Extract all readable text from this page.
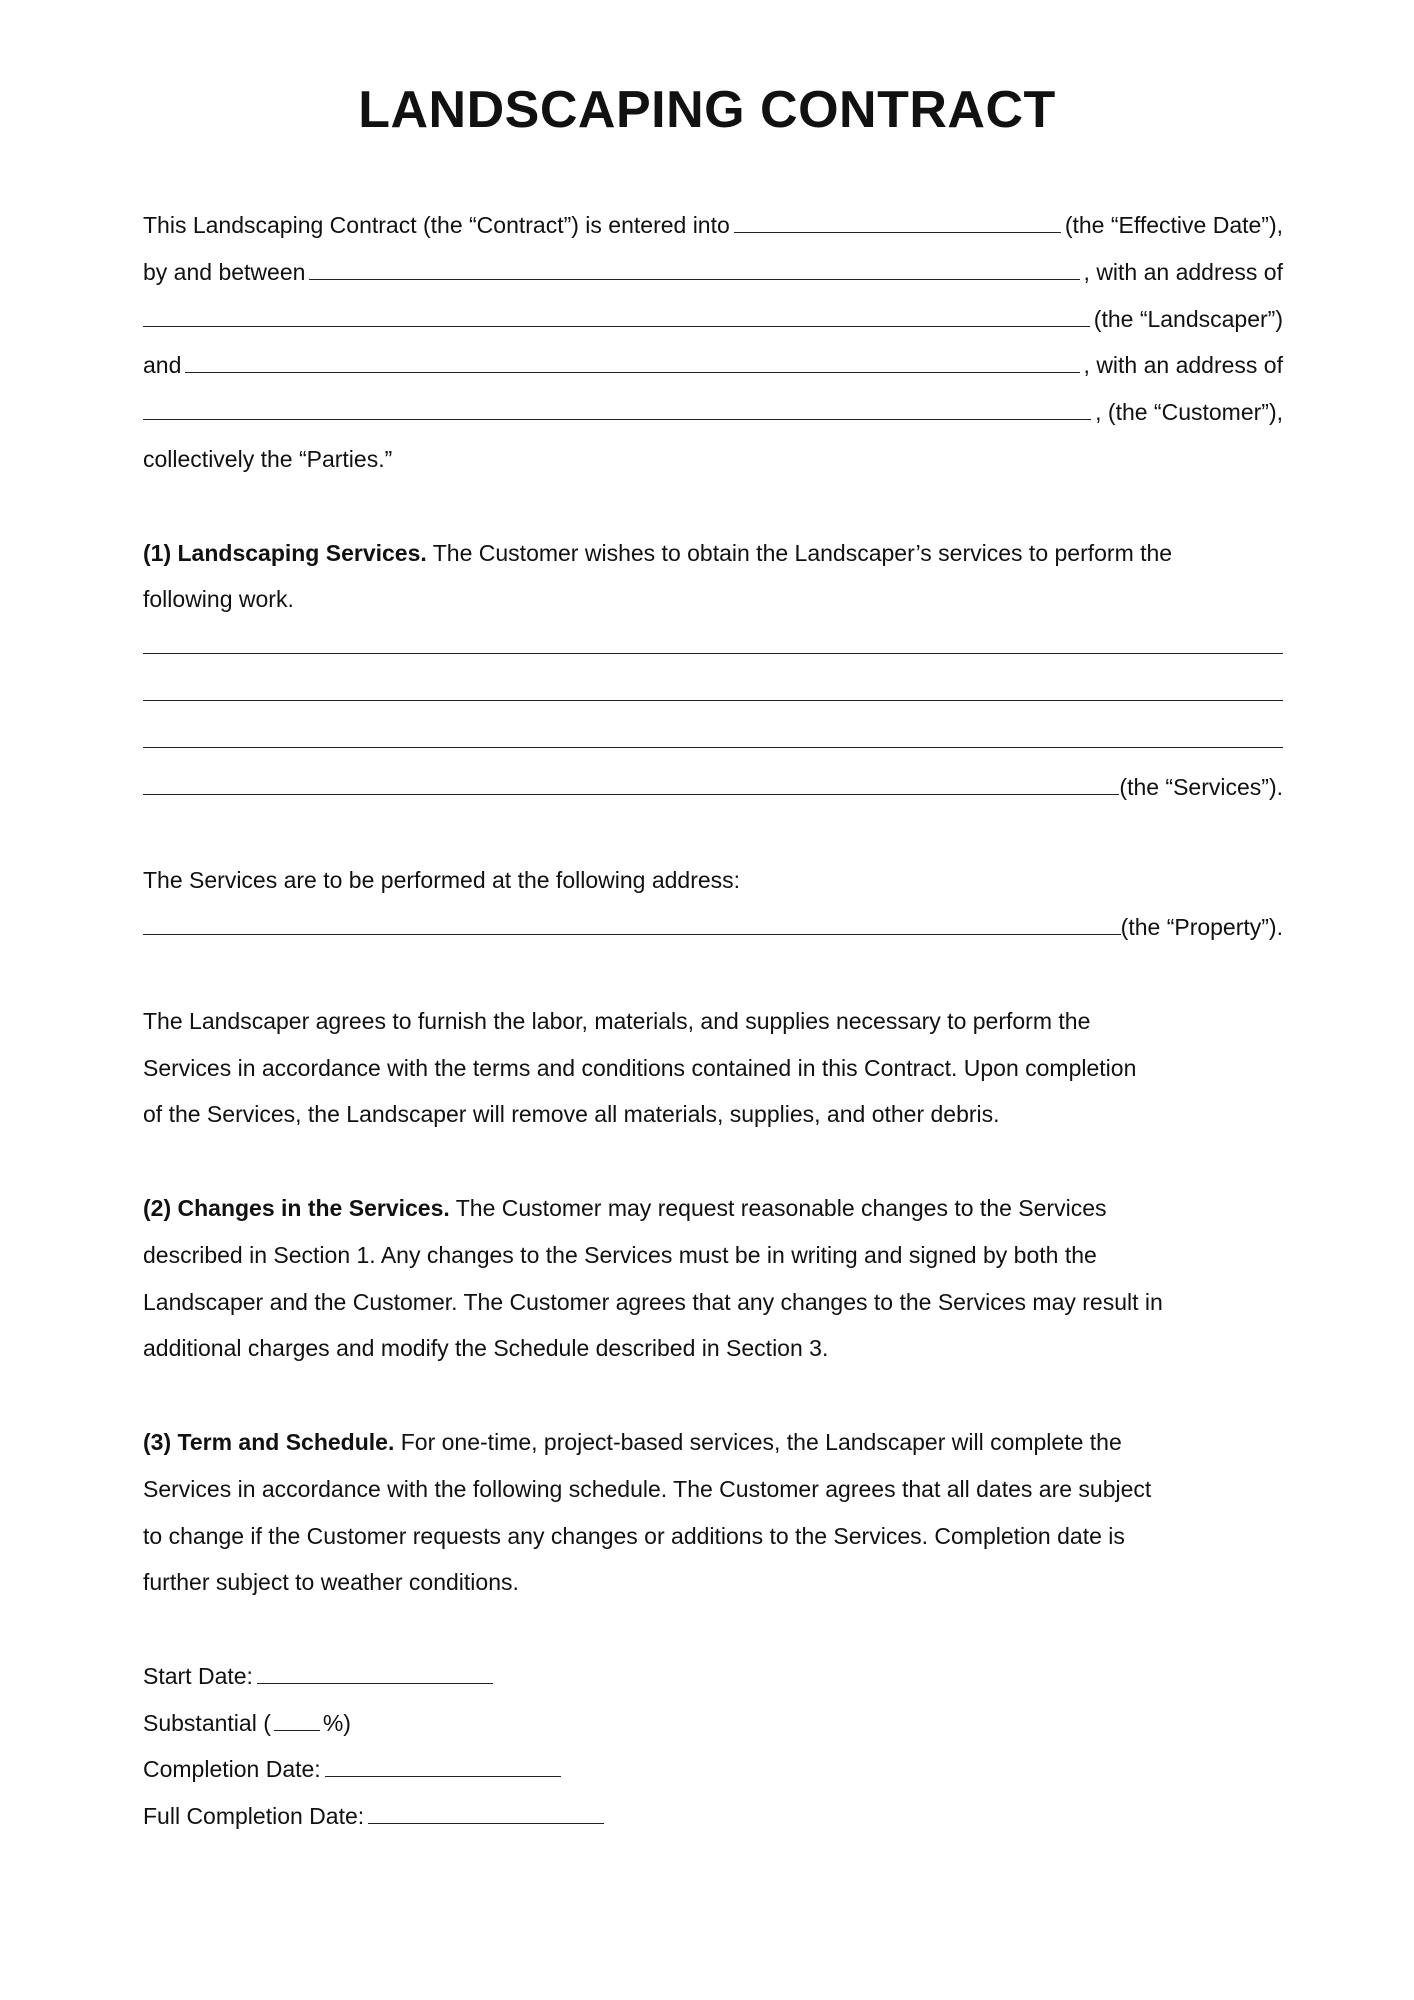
LANDSCAPING CONTRACT
This Landscaping Contract (the “Contract”) is entered into	(the “Effective Date”),
by and between	, with an address of
(the “Landscaper”)
and	, with an address of
, (the “Customer”),
collectively the “Parties.”
(1) Landscaping Services. The Customer wishes to obtain the Landscaper’s services to perform the
following work.
(the “Services”).
The Services are to be performed at the following address:
(the “Property”).
The Landscaper agrees to furnish the labor, materials, and supplies necessary to perform the
Services in accordance with the terms and conditions contained in this Contract. Upon completion
of the Services, the Landscaper will remove all materials, supplies, and other debris.
(2) Changes in the Services. The Customer may request reasonable changes to the Services
described in Section 1. Any changes to the Services must be in writing and signed by both the
Landscaper and the Customer. The Customer agrees that any changes to the Services may result in
additional charges and modify the Schedule described in Section 3.
(3) Term and Schedule. For one-time, project-based services, the Landscaper will complete the
Services in accordance with the following schedule. The Customer agrees that all dates are subject
to change if the Customer requests any changes or additions to the Services. Completion date is
further subject to weather conditions.
Start Date:
Substantial ( %)
Completion Date:
Full Completion Date:
